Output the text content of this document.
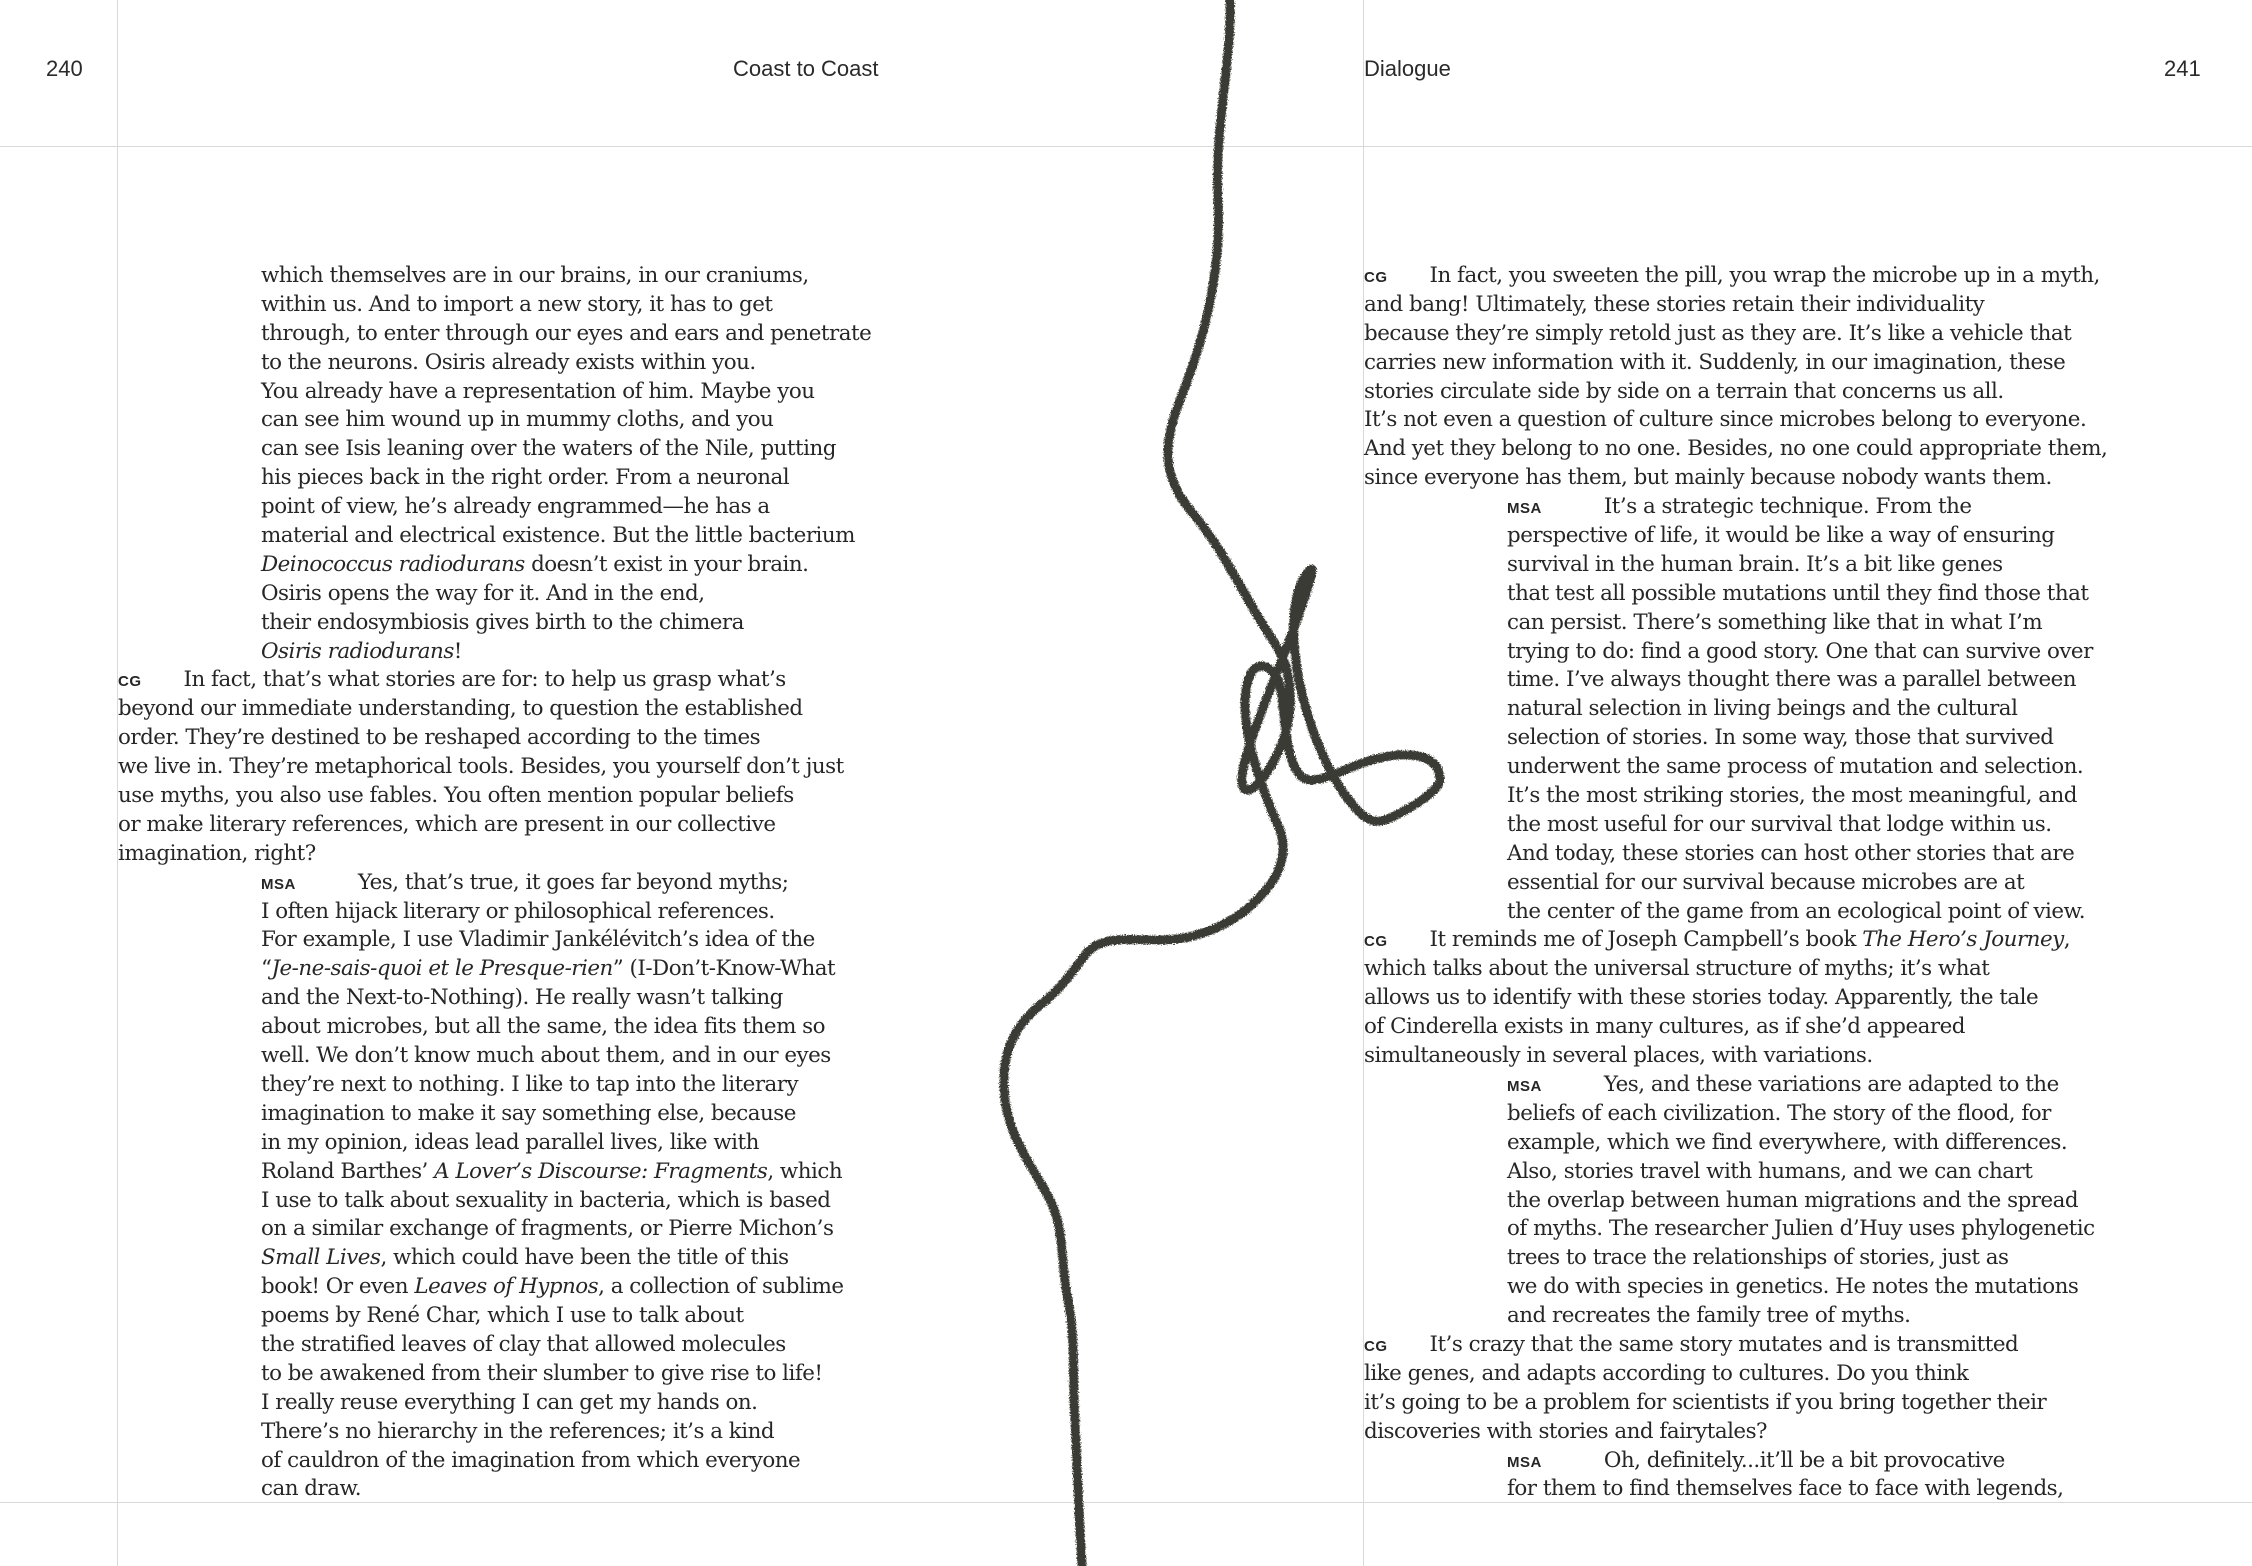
240	Coast to Coast	Dialogue	241
which themselves are in our brains, in our craniums,
within us. And to import a new story, it has to get
through, to enter through our eyes and ears and penetrate
to the neurons. Osiris already exists within you.
You already have a representation of him. Maybe you
can see him wound up in mummy cloths, and you
can see Isis leaning over the waters of the Nile, putting
his pieces back in the right order. From a neuronal
point of view, he’s already engrammed—he has a
material and electrical existence. But the little bacterium
Deinococcus radiodurans doesn’t exist in your brain.
Osiris opens the way for it. And in the end,
their endosymbiosis gives birth to the chimera
Osiris radiodurans!
CG In fact, that’s what stories are for: to help us grasp what’s
beyond our immediate understanding, to question the established
order. They’re destined to be reshaped according to the times
we live in. They’re metaphorical tools. Besides, you yourself don’t just
use myths, you also use fables. You often mention popular beliefs
or make literary references, which are present in our collective
imagination, right?
MSA	Yes, that’s true, it goes far beyond myths;
I often hijack literary or philosophical references.
For example, I use Vladimir Jankélévitch’s idea of the
“Je-ne-sais-quoi et le Presque-rien” (I-Don’t-Know-What
and the Next-to-Nothing). He really wasn’t talking
about microbes, but all the same, the idea fits them so
well. We don’t know much about them, and in our eyes
they’re next to nothing. I like to tap into the literary
imagination to make it say something else, because
in my opinion, ideas lead parallel lives, like with
Roland Barthes’ A Lover’s Discourse: Fragments, which
I use to talk about sexuality in bacteria, which is based
on a similar exchange of fragments, or Pierre Michon’s
Small Lives, which could have been the title of this
book! Or even Leaves of Hypnos, a collection of sublime
poems by René Char, which I use to talk about
the stratified leaves of clay that allowed molecules
to be awakened from their slumber to give rise to life!
I really reuse everything I can get my hands on.
There’s no hierarchy in the references; it’s a kind
of cauldron of the imagination from which everyone
can draw.
CG In fact, you sweeten the pill, you wrap the microbe up in a myth,
and bang! Ultimately, these stories retain their individuality
because they’re simply retold just as they are. It’s like a vehicle that
carries new information with it. Suddenly, in our imagination, these
stories circulate side by side on a terrain that concerns us all.
It’s not even a question of culture since microbes belong to everyone.
And yet they belong to no one. Besides, no one could appropriate them,
since everyone has them, but mainly because nobody wants them.
MSA	It’s a strategic technique. From the
perspective of life, it would be like a way of ensuring
survival in the human brain. It’s a bit like genes
that test all possible mutations until they find those that
can persist. There’s something like that in what I’m
trying to do: find a good story. One that can survive over
time. I’ve always thought there was a parallel between
natural selection in living beings and the cultural
selection of stories. In some way, those that survived
underwent the same process of mutation and selection.
It’s the most striking stories, the most meaningful, and
the most useful for our survival that lodge within us.
And today, these stories can host other stories that are
essential for our survival because microbes are at
the center of the game from an ecological point of view.
CG It reminds me of Joseph Campbell’s book The Hero’s Journey,
which talks about the universal structure of myths; it’s what
allows us to identify with these stories today. Apparently, the tale
of Cinderella exists in many cultures, as if she’d appeared
simultaneously in several places, with variations.
MSA	Yes, and these variations are adapted to the
beliefs of each civilization. The story of the flood, for
example, which we find everywhere, with differences.
Also, stories travel with humans, and we can chart
the overlap between human migrations and the spread
of myths. The researcher Julien d’Huy uses phylogenetic
trees to trace the relationships of stories, just as
we do with species in genetics. He notes the mutations
and recreates the family tree of myths.
CG It’s crazy that the same story mutates and is transmitted
like genes, and adapts according to cultures. Do you think
it’s going to be a problem for scientists if you bring together their
discoveries with stories and fairytales?
MSA	Oh, definitely...it’ll be a bit provocative
for them to find themselves face to face with legends,
